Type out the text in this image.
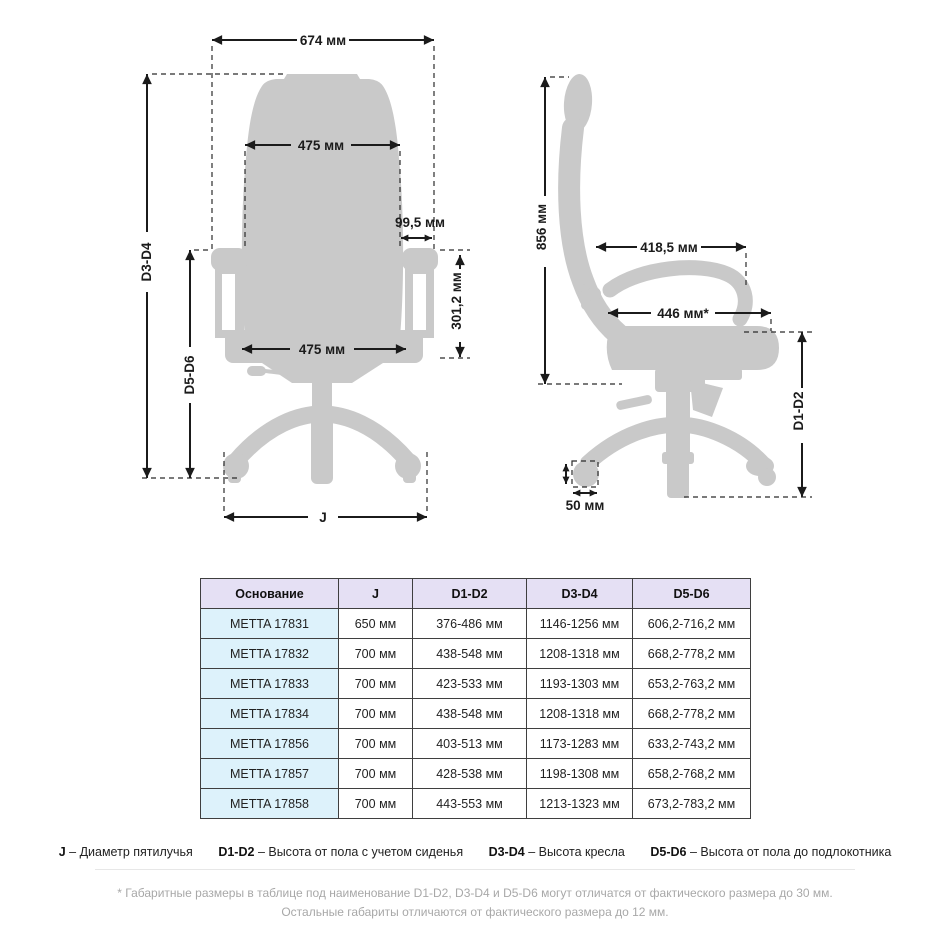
674 мм
D3-D4
D5-D6
475 мм
99,5 мм
301,2 мм
475 мм
J
856 мм	418,5 мм
446 мм*
D1-D2
50 мм
Основание	J	D1-D2	D3-D4	D5-D6
METTA 17831	650 мм	376-486 мм	1146-1256 мм	606,2-716,2 мм
METTA 17832	700 мм	438-548 мм	1208-1318 мм	668,2-778,2 мм
METTA 17833	700 мм	423-533 мм	1193-1303 мм	653,2-763,2 мм
METTA 17834	700 мм	438-548 мм	1208-1318 мм	668,2-778,2 мм
METTA 17856	700 мм	403-513 мм	1173-1283 мм	633,2-743,2 мм
METTA 17857	700 мм	428-538 мм	1198-1308 мм	658,2-768,2 мм
METTA 17858	700 мм	443-553 мм	1213-1323 мм	673,2-783,2 мм
J – Диаметр пятилучья D1-D2 – Высота от пола с учетом сиденья D3-D4 – Высота кресла D5-D6 – Высота от пола до подлокотника
* Габаритные размеры в таблице под наименование D1-D2, D3-D4 и D5-D6 могут отличатся от фактического размера до 30 мм.
Остальные габариты отличаются от фактического размера до 12 мм.
